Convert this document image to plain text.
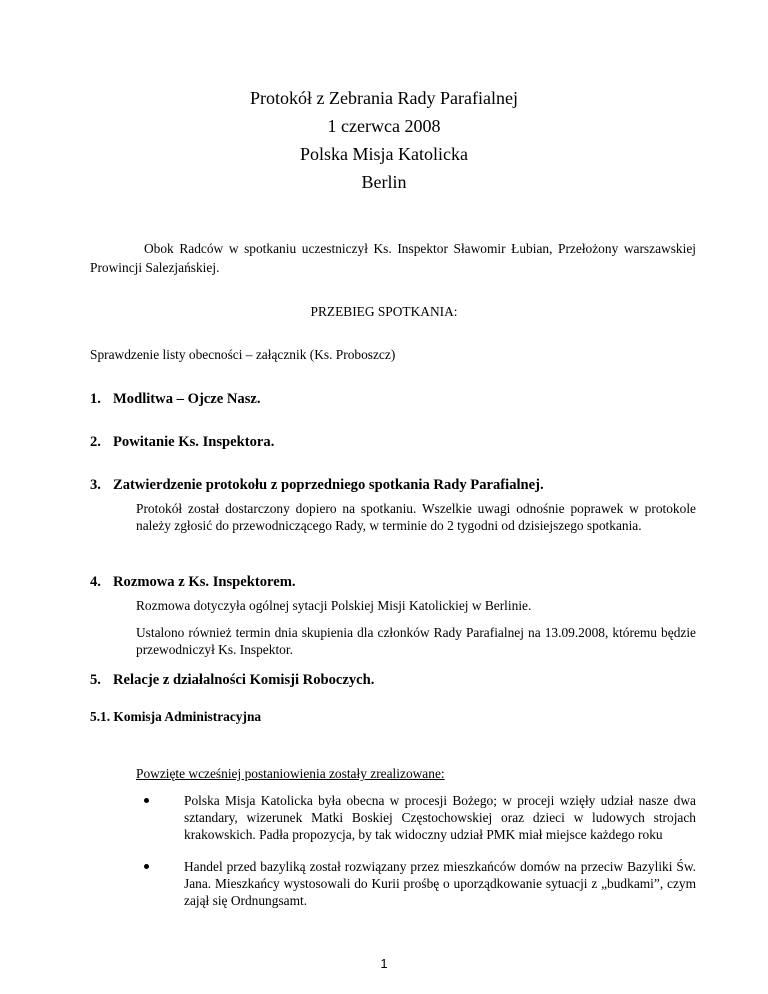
Protokół z Zebrania Rady Parafialnej
1 czerwca 2008
Polska Misja Katolicka
Berlin

Obok Radców w spotkaniu uczestniczył Ks. Inspektor Sławomir Łubian, Przełożony warszawskiej Prowincji Salezjańskiej.

PRZEBIEG SPOTKANIA:
Sprawdzenie listy obecności – załącznik (Ks. Proboszcz)
1. Modlitwa – Ojcze Nasz.
2. Powitanie Ks. Inspektora.
3. Zatwierdzenie protokołu z poprzedniego spotkania Rady Parafialnej.

Protokół został dostarczony dopiero na spotkaniu. Wszelkie uwagi odnośnie poprawek w protokole należy zgłosić do przewodniczącego Rady, w terminie do 2 tygodni od dzisiejszego spotkania.

4. Rozmowa z Ks. Inspektorem.

Rozmowa dotyczyła ogólnej sytacji Polskiej Misji Katolickiej w Berlinie.

Ustalono również termin dnia skupienia dla członków Rady Parafialnej na 13.09.2008, któremu będzie przewodniczył Ks. Inspektor.

5. Relacje z działalności Komisji Roboczych.
5.1. Komisja Administracyjna
Powzięte wcześniej postaniowienia zostały zrealizowane:
Polska Misja Katolicka była obecna w procesji Bożego; w proceji wzięły udział nasze dwa sztandary, wizerunek Matki Boskiej Częstochowskiej oraz dzieci w ludowych strojach krakowskich. Padła propozycja, by tak widoczny udział PMK miał miejsce każdego roku
Handel przed bazyliką został rozwiązany przez mieszkańców domów na przeciw Bazyliki Św. Jana. Mieszkańcy wystosowali do Kurii prośbę o uporządkowanie sytuacji z „budkami”, czym zajął się Ordnungsamt.
1
